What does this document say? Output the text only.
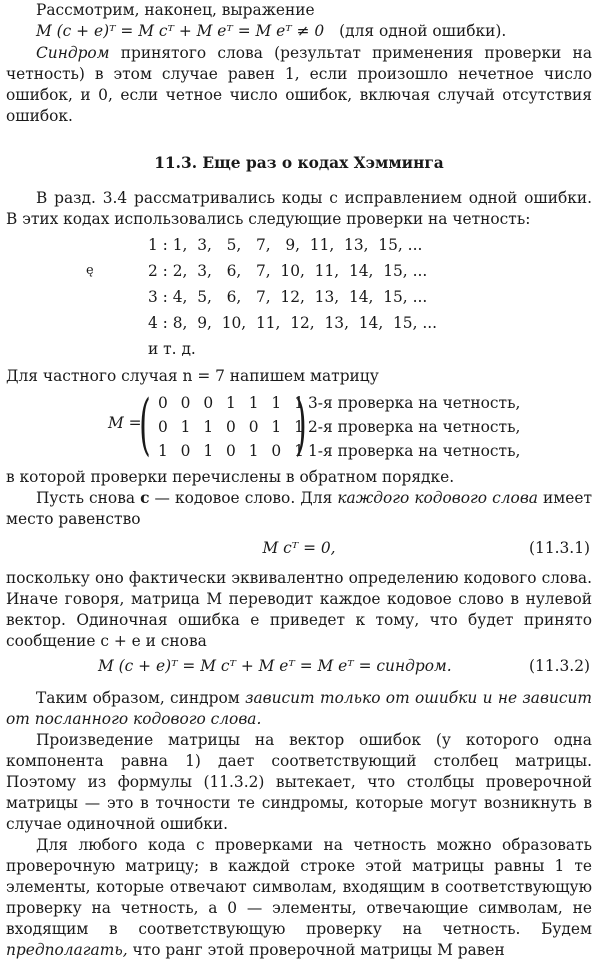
Рассмотрим, наконец, выражение

M (c + e)ᵀ = M cᵀ + M eᵀ = M eᵀ ≠ 0 (для одной ошибки).

Синдром принятого слова (результат применения проверки на четность) в этом случае равен 1, если произошло нечетное число ошибок, и 0, если четное число ошибок, включая случай отсутствия ошибок.

11.3. Еще раз о кодах Хэмминга

В разд. 3.4 рассматривались коды с исправлением одной ошибки. В этих кодах использовались следующие проверки на четность:

1 : 1,  3,   5,   7,   9,  11,  13,  15, ...
2 : 2,  3,   6,   7,  10,  11,  14,  15, ...
3 : 4,  5,   6,   7,  12,  13,  14,  15, ...
4 : 8,  9,  10,  11,  12,  13,  14,  15, ...
и т. д.

Для частного случая n = 7 напишем матрицу

M =
( 0 0 0 1 1 1 1
0 1 1 0 0 1 1
1 0 1 0 1 0 1
) 3-я проверка на четность,
2-я проверка на четность,
1-я проверка на четность,

в которой проверки перечислены в обратном порядке.

Пусть снова c — кодовое слово. Для каждого кодового слова имеет место равенство

M cᵀ = 0,	(11.3.1)

поскольку оно фактически эквивалентно определению кодового слова. Иначе говоря, матрица M переводит каждое кодовое слово в нулевой вектор. Одиночная ошибка e приведет к тому, что будет принято сообщение c + e и снова

M (c + e)ᵀ = M cᵀ + M eᵀ = M eᵀ = синдром.	(11.3.2)

Таким образом, синдром зависит только от ошибки и не зависит от посланного кодового слова.

Произведение матрицы на вектор ошибок (у которого одна компонента равна 1) дает соответствующий столбец матрицы. Поэтому из формулы (11.3.2) вытекает, что столбцы проверочной матрицы — это в точности те синдромы, которые могут возникнуть в случае одиночной ошибки.

Для любого кода с проверками на четность можно образовать проверочную матрицу; в каждой строке этой матрицы равны 1 те элементы, которые отвечают символам, входящим в соответствующую проверку на четность, а 0 — элементы, отвечающие символам, не входящим в соответствующую проверку на четность. Будем предполагать, что ранг этой проверочной матрицы M равен

ę
